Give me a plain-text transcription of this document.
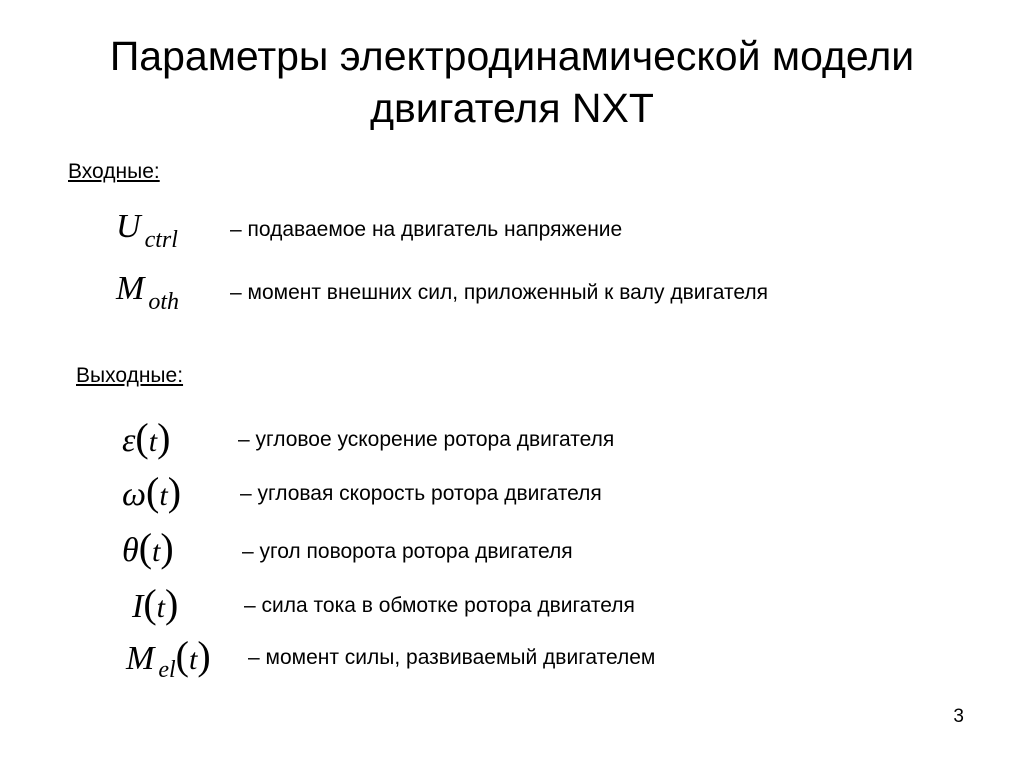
Параметры электродинамической модели
двигателя NXT
Входные:
U ctrl – подаваемое на двигатель напряжение
M oth – момент внешних сил, приложенный к валу двигателя
Выходные:
ε(t)	– угловое ускорение ротора двигателя
ω(t)	– угловая скорость ротора двигателя
θ(t)	– угол поворота ротора двигателя
I(t)	– сила тока в обмотке ротора двигателя
M el(t) – момент силы, развиваемый двигателем
3
